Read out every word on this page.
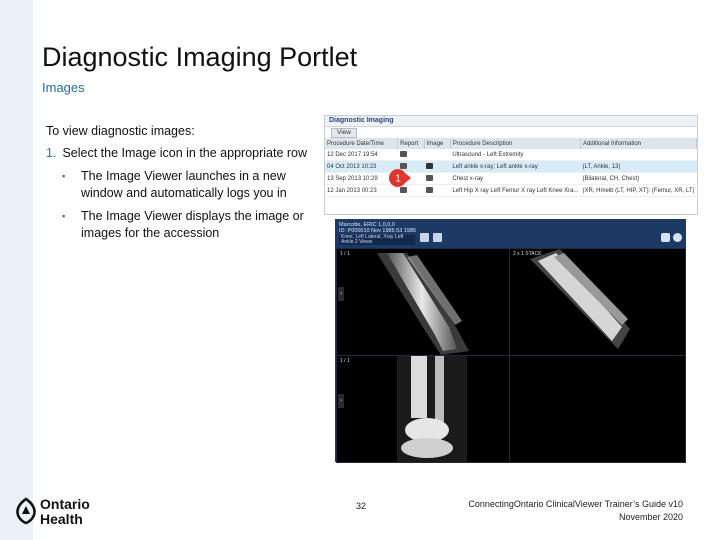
Diagnostic Imaging Portlet
Images
To view diagnostic images:
1. Select the Image icon in the appropriate row
▪ The Image Viewer launches in a new window and automatically logs you in
▪ The Image Viewer displays the image or images for the accession
Diagnostic Imaging
View
Procedure Date/Time	Report	Image	Procedure Description	Additional Information
12 Dec 2017 19:54			Ultrasound - Left Extremity	
04 Oct 2013 10:23			Left ankle x-ray; Left ankle x-ray	(LT, Ankle, 13)
13 Sep 2013 10:29			Chest x-ray	(Bilateral, CH, Chest)
12 Jan 2013 00:23			Left Hip X ray Left Femur X ray Left Knee Xra...	(XR, Hmeib (LT, HIP, XT); (Femur, XR, LT)
1
Marcotte, ERIC 1,0,0,0
ID: P000010 Nov 1985 53 1985
Knee, Left Lateral, Xray Left Ankle 2 Views
1 / 1
›
2 x 1 STACK
1 / 1
›
Ontario
Health
32	ConnectingOntario ClinicalViewer Trainer’s Guide v10
November 2020
